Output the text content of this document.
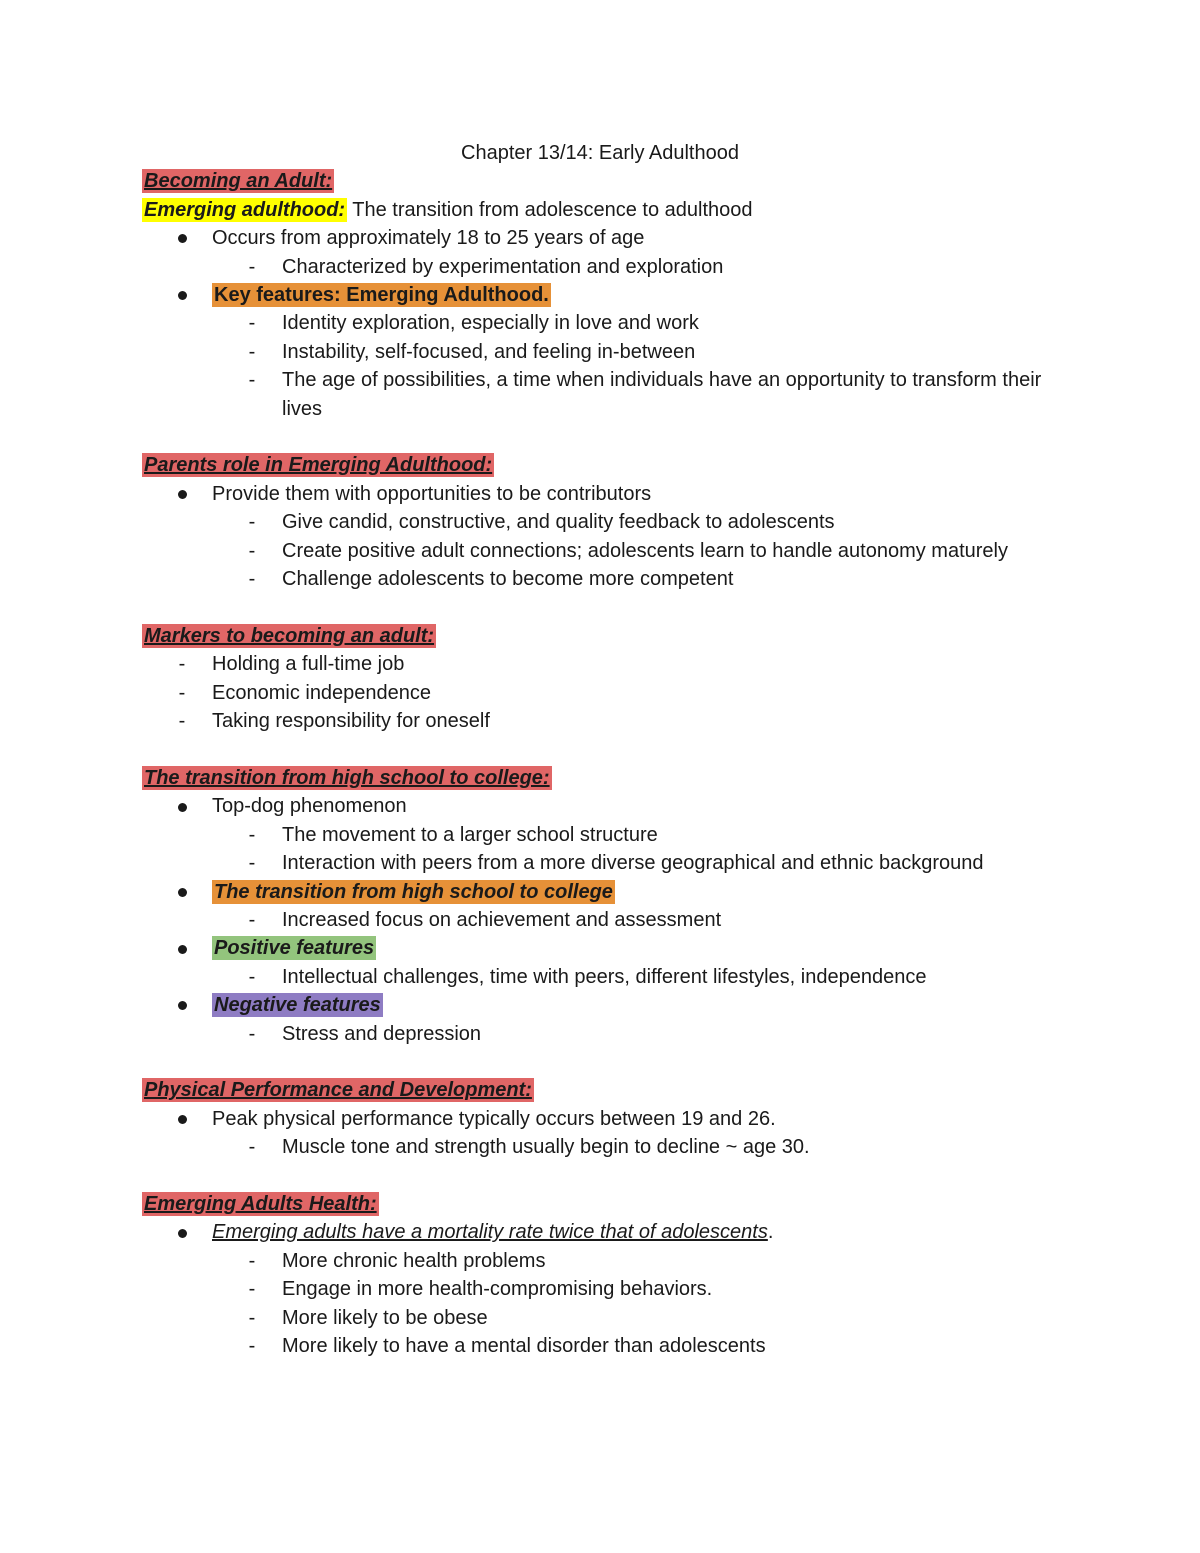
Chapter 13/14: Early Adulthood
Becoming an Adult:
Emerging adulthood: The transition from adolescence to adulthood
Occurs from approximately 18 to 25 years of age
-	Characterized by experimentation and exploration
Key features: Emerging Adulthood.
-	Identity exploration, especially in love and work
-	Instability, self-focused, and feeling in-between
-	The age of possibilities, a time when individuals have an opportunity to transform their lives
Parents role in Emerging Adulthood:
Provide them with opportunities to be contributors
-	Give candid, constructive, and quality feedback to adolescents
-	Create positive adult connections; adolescents learn to handle autonomy maturely
-	Challenge adolescents to become more competent
Markers to becoming an adult:
-	Holding a full-time job
-	Economic independence
-	Taking responsibility for oneself
The transition from high school to college:
Top-dog phenomenon
-	The movement to a larger school structure
-	Interaction with peers from a more diverse geographical and ethnic background
The transition from high school to college
-	Increased focus on achievement and assessment
Positive features
-	Intellectual challenges, time with peers, different lifestyles, independence
Negative features
-	Stress and depression
Physical Performance and Development:
Peak physical performance typically occurs between 19 and 26.
-	Muscle tone and strength usually begin to decline ~ age 30.
Emerging Adults Health:
Emerging adults have a mortality rate twice that of adolescents.
-	More chronic health problems
-	Engage in more health-compromising behaviors.
-	More likely to be obese
-	More likely to have a mental disorder than adolescents
